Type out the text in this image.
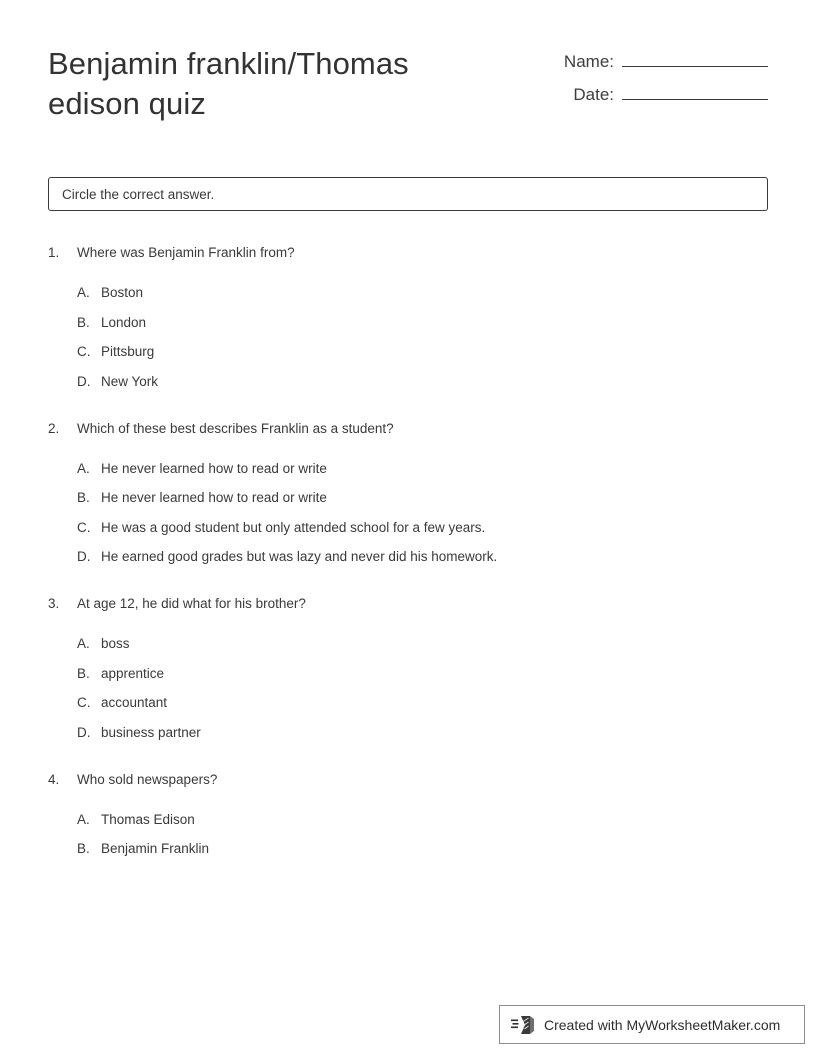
Benjamin franklin/Thomas edison quiz
Name:
Date:
Circle the correct answer.
1.	Where was Benjamin Franklin from?
A. Boston
B. London
C. Pittsburg
D. New York
2.	Which of these best describes Franklin as a student?
A. He never learned how to read or write
B. He never learned how to read or write
C. He was a good student but only attended school for a few years.
D. He earned good grades but was lazy and never did his homework.
3.	At age 12, he did what for his brother?
A. boss
B. apprentice
C. accountant
D. business partner
4.	Who sold newspapers?
A. Thomas Edison
B. Benjamin Franklin
Created with MyWorksheetMaker.com
